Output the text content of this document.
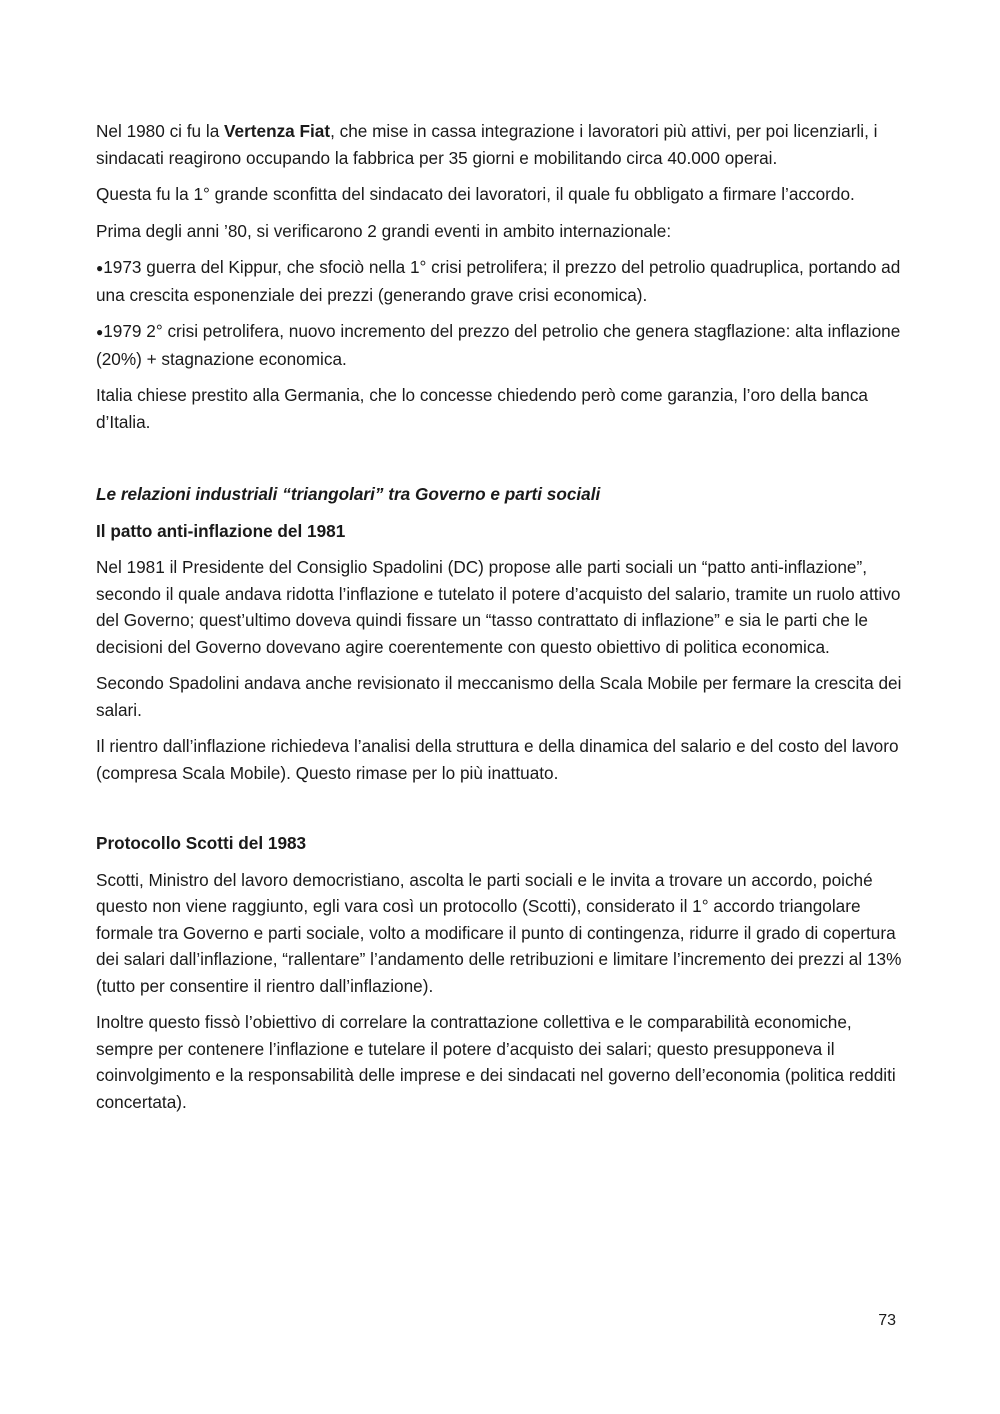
Nel 1980 ci fu la Vertenza Fiat, che mise in cassa integrazione i lavoratori più attivi, per poi licenziarli, i sindacati reagirono occupando la fabbrica per 35 giorni e mobilitando circa 40.000 operai.

Questa fu la 1° grande sconfitta del sindacato dei lavoratori, il quale fu obbligato a firmare l’accordo.

Prima degli anni ’80, si verificarono 2 grandi eventi in ambito internazionale:

●1973 guerra del Kippur, che sfociò nella 1° crisi petrolifera; il prezzo del petrolio quadruplica, portando ad una crescita esponenziale dei prezzi (generando grave crisi economica).

●1979 2° crisi petrolifera, nuovo incremento del prezzo del petrolio che genera stagflazione: alta inflazione (20%) + stagnazione economica.

Italia chiese prestito alla Germania, che lo concesse chiedendo però come garanzia, l’oro della banca d’Italia.

Le relazioni industriali “triangolari” tra Governo e parti sociali

Il patto anti-inflazione del 1981

Nel 1981 il Presidente del Consiglio Spadolini (DC) propose alle parti sociali un “patto anti-inflazione”, secondo il quale andava ridotta l’inflazione e tutelato il potere d’acquisto del salario, tramite un ruolo attivo del Governo; quest’ultimo doveva quindi fissare un “tasso contrattato di inflazione” e sia le parti che le decisioni del Governo dovevano agire coerentemente con questo obiettivo di politica economica.

Secondo Spadolini andava anche revisionato il meccanismo della Scala Mobile per fermare la crescita dei salari.

Il rientro dall’inflazione richiedeva l’analisi della struttura e della dinamica del salario e del costo del lavoro (compresa Scala Mobile). Questo rimase per lo più inattuato.

Protocollo Scotti del 1983

Scotti, Ministro del lavoro democristiano, ascolta le parti sociali e le invita a trovare un accordo, poiché questo non viene raggiunto, egli vara così un protocollo (Scotti), considerato il 1° accordo triangolare formale tra Governo e parti sociale, volto a modificare il punto di contingenza, ridurre il grado di copertura dei salari dall’inflazione, “rallentare” l’andamento delle retribuzioni e limitare l’incremento dei prezzi al 13% (tutto per consentire il rientro dall’inflazione).

Inoltre questo fissò l’obiettivo di correlare la contrattazione collettiva e le comparabilità economiche, sempre per contenere l’inflazione e tutelare il potere d’acquisto dei salari; questo presupponeva il coinvolgimento e la responsabilità delle imprese e dei sindacati nel governo dell’economia (politica redditi concertata).

73
